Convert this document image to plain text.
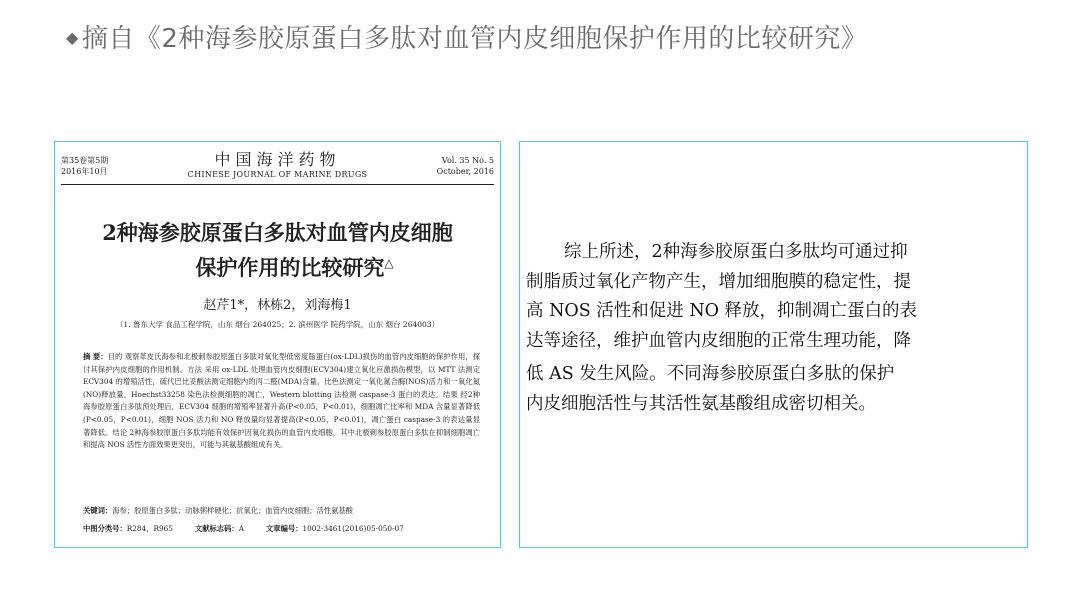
◆ 摘自《2种海参胶原蛋白多肽对血管内皮细胞保护作用的比较研究》
第35卷第5期
2016年10月
中国海洋药物
CHINESE JOURNAL OF MARINE DRUGS
Vol. 35 No. 5
October, 2016
2种海参胶原蛋白多肽对血管内皮细胞
保护作用的比较研究△
赵芹1*，林栋2，刘海梅1
（1. 鲁东大学 食品工程学院，山东 烟台 264025；2. 滨州医学 院药学院，山东 烟台 264003）
摘 要：目的 观察革皮氏海参和北极刺参胶原蛋白多肽对氧化型低密度脂蛋白(ox-LDL)损伤的血管内皮细胞的保护作用，探讨其保护内皮细胞的作用机制。方法 采用 ox-LDL 处理血管内皮细胞(ECV304)建立氧化应激损伤模型，以 MTT 法测定 ECV304 的增殖活性，硫代巴比妥酸法测定细胞内的丙二醛(MDA)含量，比色法测定一氧化氮合酶(NOS)活力和一氧化氮(NO)释放量，Hoechst33258 染色法检测细胞的凋亡，Western blotting 法检测 caspase-3 蛋白的表达。结果 经2种海参胶原蛋白多肽预处理后，ECV304 细胞的增殖率显著升高(P<0.05，P<0.01)，细胞凋亡比率和 MDA 含量显著降低(P<0.05，P<0.01)，细胞 NOS 活力和 NO 释放量均显著提高(P<0.05，P<0.01)，凋亡蛋白 caspase-3 的表达量显著降低。结论 2种海参胶原蛋白多肽均能有效保护因氧化损伤的血管内皮细胞，其中北极刺参胶原蛋白多肽在抑制细胞凋亡和提高 NOS 活性方面效果更突出，可能与其氨基酸组成有关。
关键词：海参；胶原蛋白多肽；动脉粥样硬化；抗氧化；血管内皮细胞；活性氨基酸
中图分类号：R284，R965	文献标志码：A	文章编号：1002-3461(2016)05-050-07

综上所述，2种海参胶原蛋白多肽均可通过抑

制脂质过氧化产物产生，增加细胞膜的稳定性，提

高 NOS 活性和促进 NO 释放，抑制凋亡蛋白的表

达等途径，维护血管内皮细胞的正常生理功能，降

低 AS 发生风险。不同海参胶原蛋白多肽的保护

内皮细胞活性与其活性氨基酸组成密切相关。
